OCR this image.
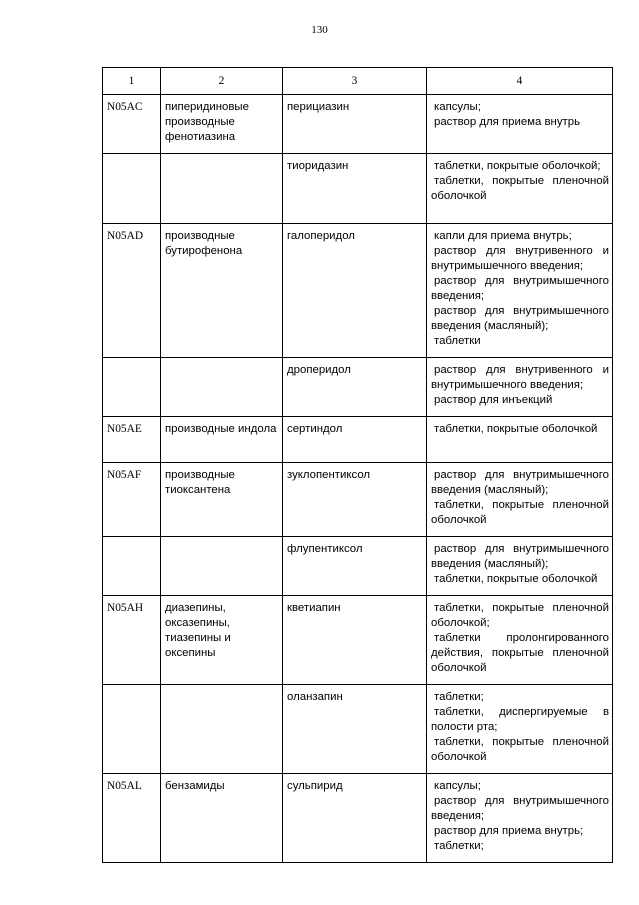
130
1	2	3	4
N05AC	пиперидиновые производные фенотиазина	перициазин	капсулы;
раствор для приема внутрь

		тиоридазин	таблетки, покрытые оболочкой;
таблетки, покрытые пленочной оболочкой

N05AD	производные бутирофенона	галоперидол	капли для приема внутрь;
раствор для внутривенного и внутримышечного введения;
раствор для внутримышечного введения;
раствор для внутримышечного введения (масляный);
таблетки

		дроперидол	раствор для внутривенного и внутримышечного введения;
раствор для инъекций

N05AE	производные индола	сертиндол	таблетки, покрытые оболочкой

N05AF	производные тиоксантена	зуклопентиксол	раствор для внутримышечного введения (масляный);
таблетки, покрытые пленочной оболочкой

		флупентиксол	раствор для внутримышечного введения (масляный);
таблетки, покрытые оболочкой

N05AH	диазепины, оксазепины, тиазепины и оксепины	кветиапин	таблетки, покрытые пленочной оболочкой;
таблетки пролонгированного действия, покрытые пленочной оболочкой

		оланзапин	таблетки;
таблетки, диспергируемые в полости рта;
таблетки, покрытые пленочной оболочкой

N05AL	бензамиды	сульпирид	капсулы;
раствор для внутримышечного введения;
раствор для приема внутрь;
таблетки;
